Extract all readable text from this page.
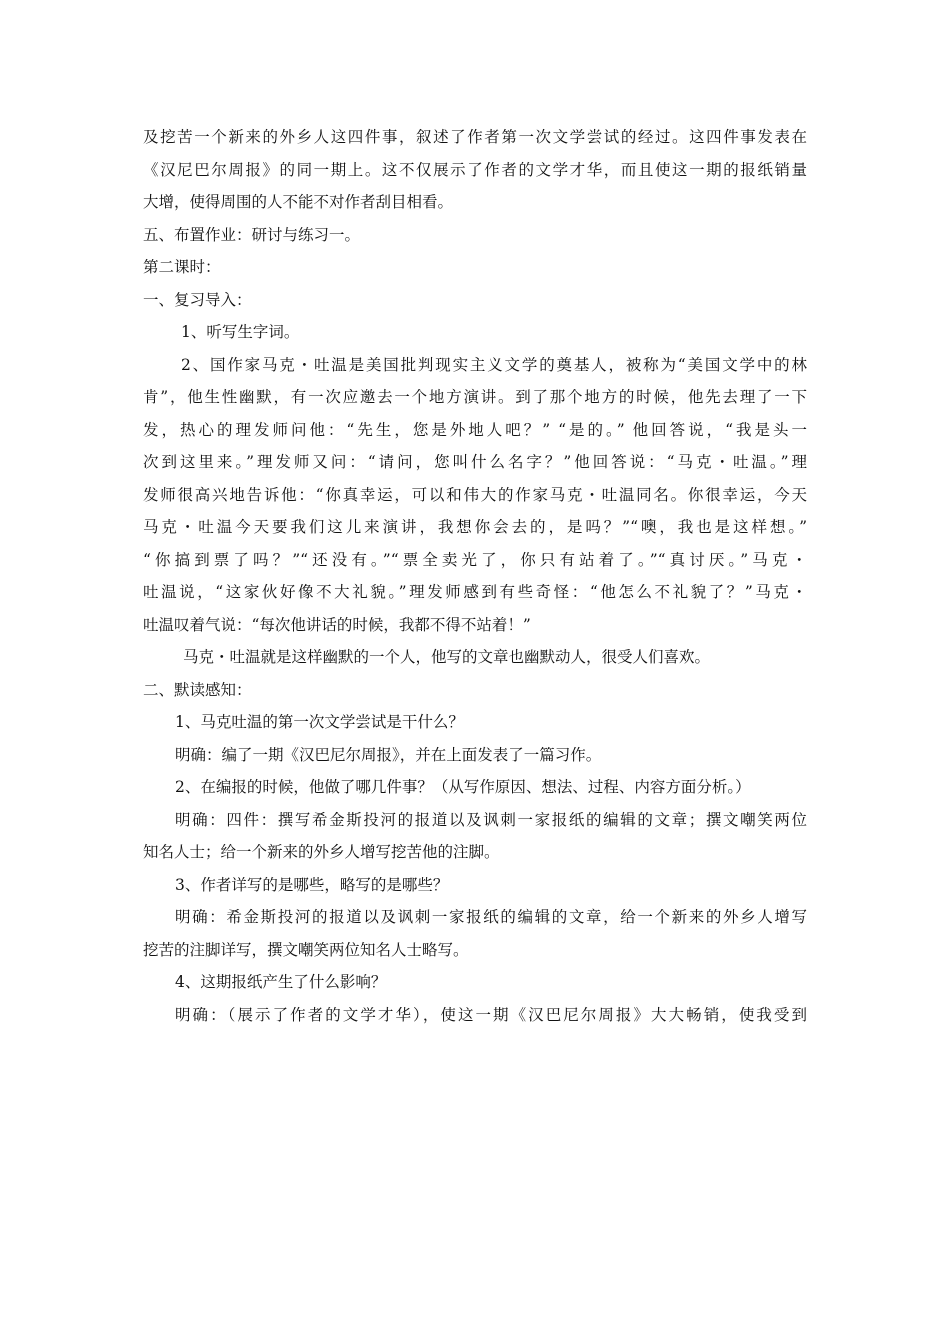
及挖苦一个新来的外乡人这四件事，叙述了作者第一次文学尝试的经过。这四件事发表在
《汉尼巴尔周报》的同一期上。这不仅展示了作者的文学才华，而且使这一期的报纸销量
大增，使得周围的人不能不对作者刮目相看。
五、布置作业：研讨与练习一。
第二课时：
一、复习导入：
1、听写生字词。
2、国作家马克・吐温是美国批判现实主义文学的奠基人，被称为“美国文学中的林
肯”，他生性幽默，有一次应邀去一个地方演讲。到了那个地方的时候，他先去理了一下
发，热心的理发师问他：“先生，您是外地人吧？” “是的。” 他回答说，“我是头一
次到这里来。”理发师又问：“请问，您叫什么名字？”他回答说：“马克・吐温。”理
发师很高兴地告诉他：“你真幸运，可以和伟大的作家马克・吐温同名。你很幸运，今天
马克・吐温今天要我们这儿来演讲，我想你会去的，是吗？”“噢，我也是这样想。”
“你搞到票了吗？”“还没有。”“票全卖光了，你只有站着了。”“真讨厌。”马克・
吐温说，“这家伙好像不大礼貌。”理发师感到有些奇怪：“他怎么不礼貌了？”马克・
吐温叹着气说：“每次他讲话的时候，我都不得不站着！”
马克・吐温就是这样幽默的一个人，他写的文章也幽默动人，很受人们喜欢。
二、默读感知：
1、马克吐温的第一次文学尝试是干什么？
明确：编了一期《汉巴尼尔周报》，并在上面发表了一篇习作。
2、在编报的时候，他做了哪几件事？（从写作原因、想法、过程、内容方面分析。）
明确：四件：撰写希金斯投河的报道以及讽刺一家报纸的编辑的文章；撰文嘲笑两位
知名人士；给一个新来的外乡人增写挖苦他的注脚。
3、作者详写的是哪些，略写的是哪些？
明确：希金斯投河的报道以及讽刺一家报纸的编辑的文章，给一个新来的外乡人增写
挖苦的注脚详写，撰文嘲笑两位知名人士略写。
4、这期报纸产生了什么影响？
明确：（展示了作者的文学才华），使这一期《汉巴尼尔周报》大大畅销，使我受到
